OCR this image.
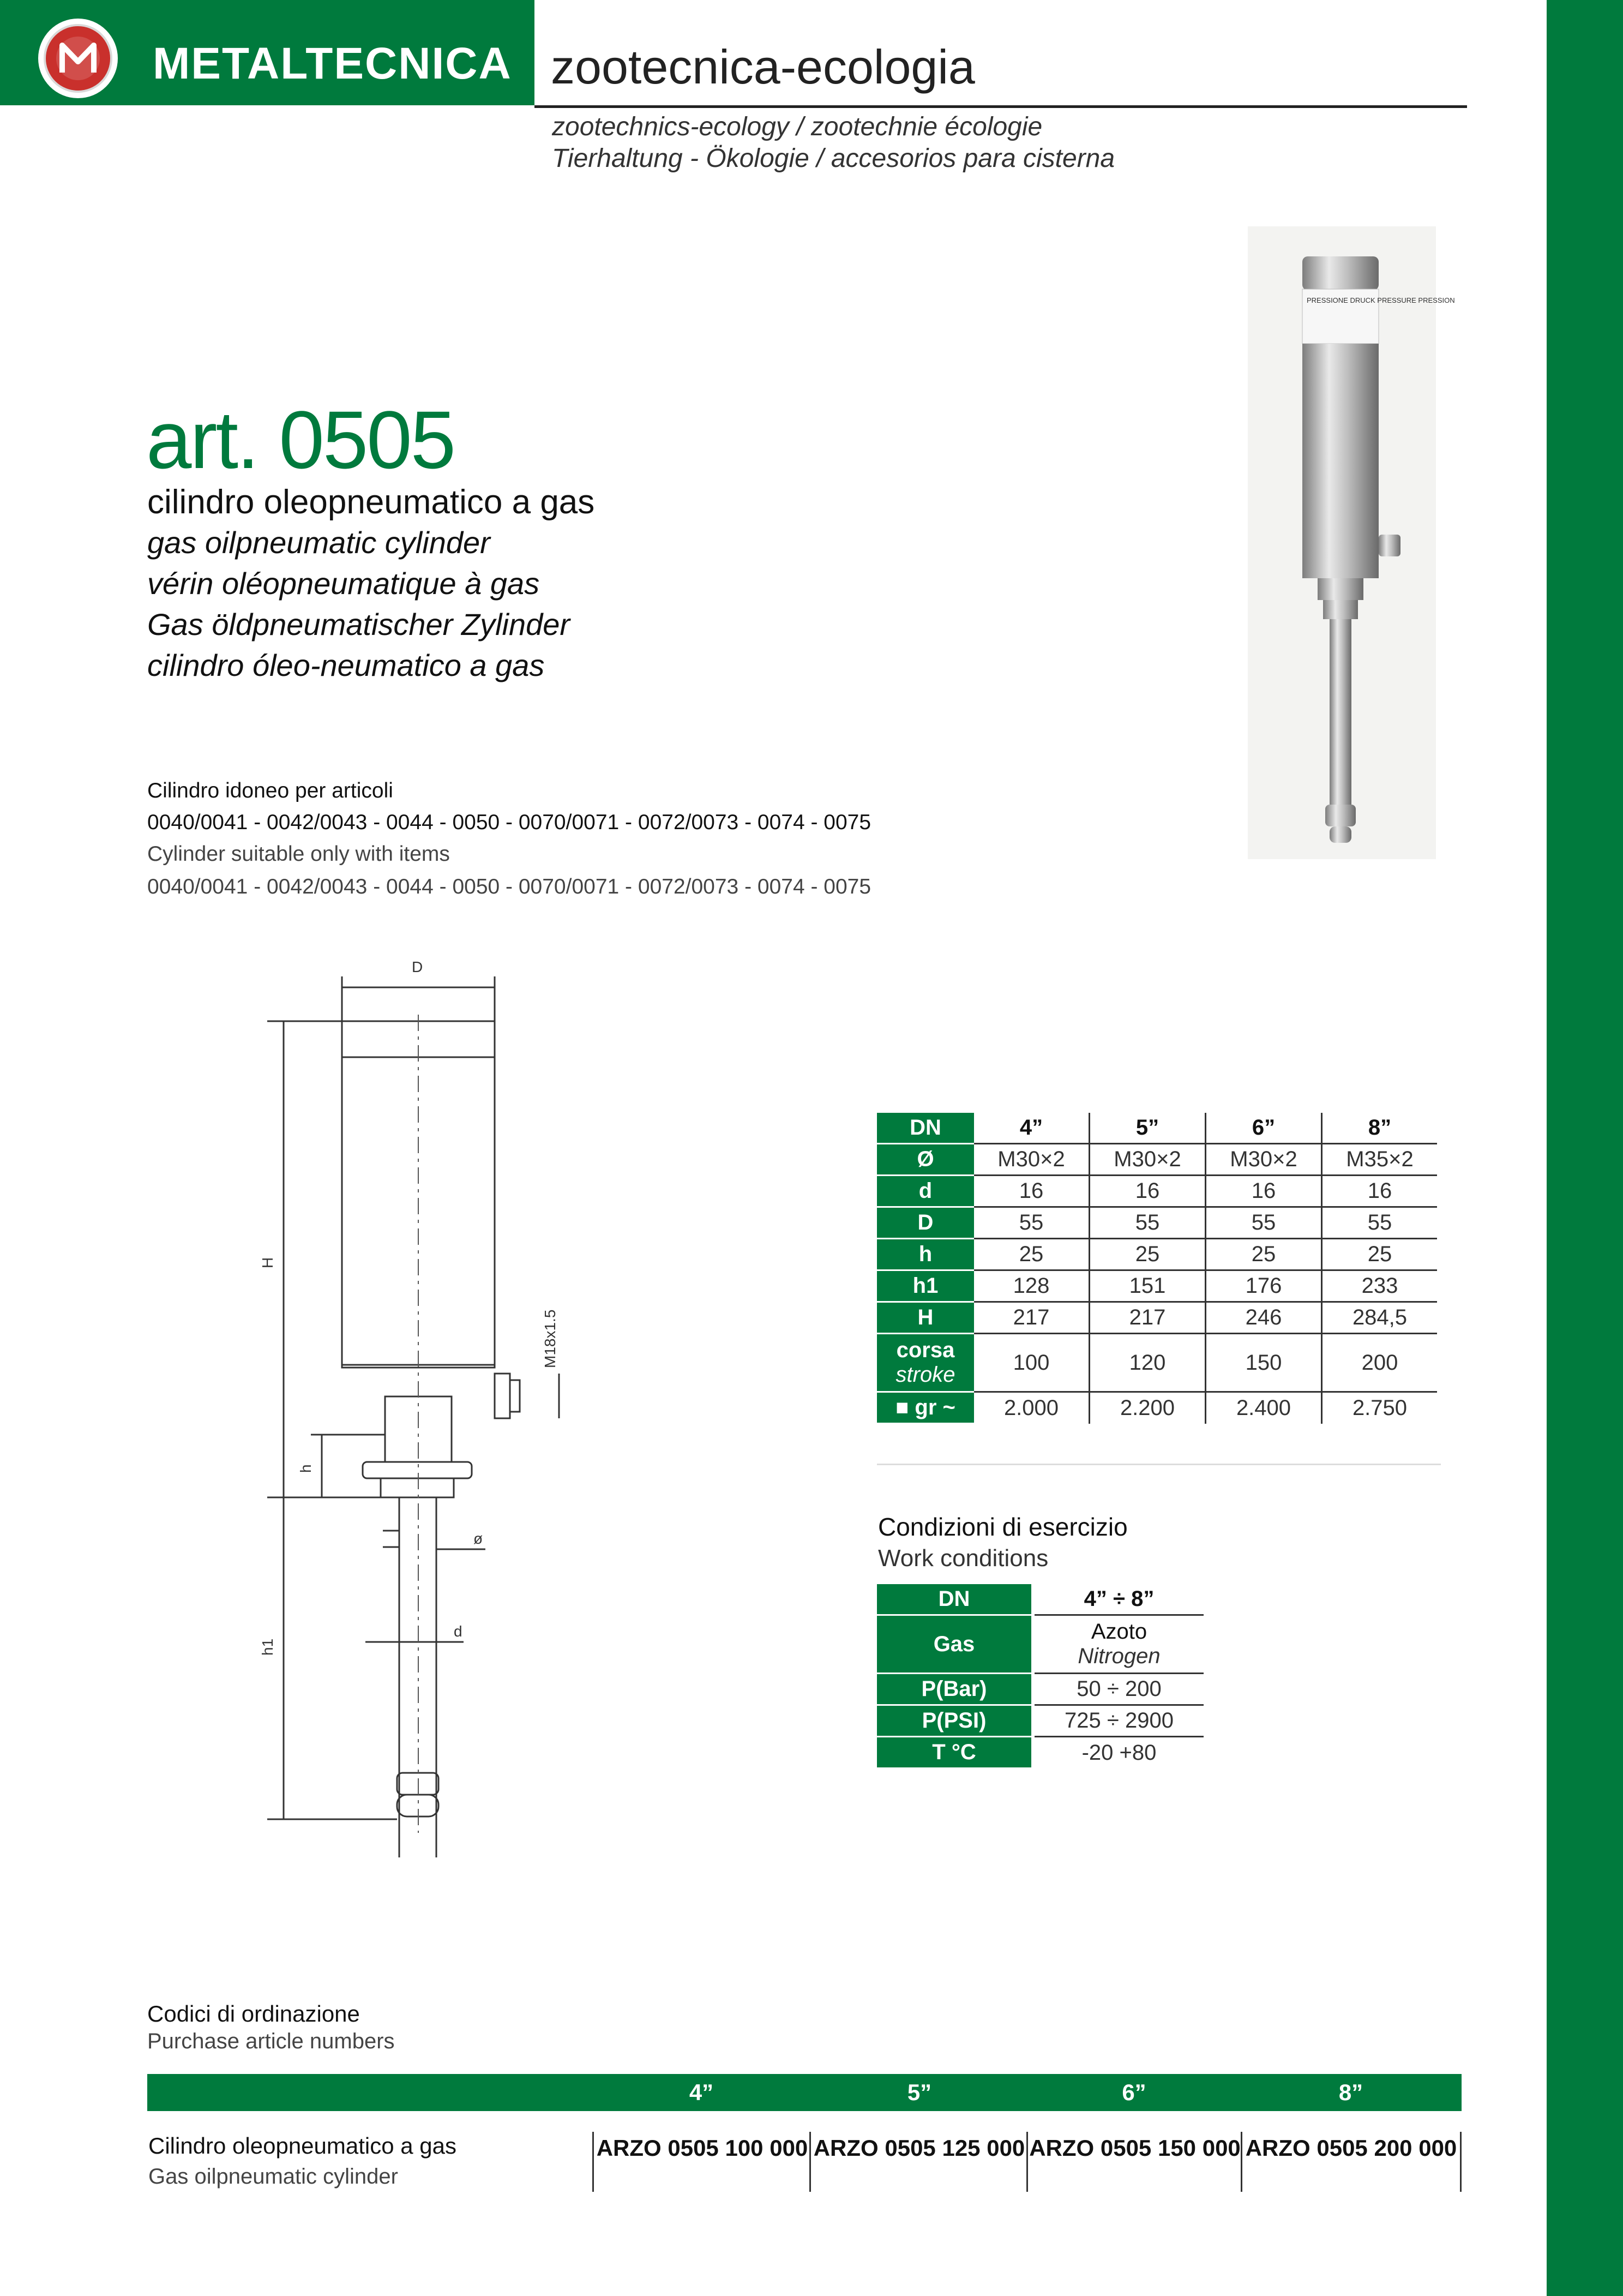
METALTECNICA zootecnica-ecologia
zootechnics-ecology / zootechnie écologie
Tierhaltung - Ökologie / accesorios para cisterna
art. 0505
cilindro oleopneumatico a gas
gas oilpneumatic cylinder
vérin oléopneumatique à gas
Gas öldpneumatischer Zylinder
cilindro óleo-neumatico a gas
Cilindro idoneo per articoli
0040/0041 - 0042/0043 - 0044 - 0050 - 0070/0071 - 0072/0073 - 0074 - 0075
Cylinder suitable only with items
0040/0041 - 0042/0043 - 0044 - 0050 - 0070/0071 - 0072/0073 - 0074 - 0075
PRESSIONE DRUCK PRESSURE PRESSION
D
H
h
h1
ø
d
M18x1.5
DN	4”	5”	6”	8”
Ø	M30×2	M30×2	M30×2	M35×2
d	16	16	16	16
D	55	55	55	55
h	25	25	25	25
h1	128	151	176	233
H	217	217	246	284,5
corsa
stroke	100	120	150	200
■ gr ~	2.000	2.200	2.400	2.750
Condizioni di esercizio
Work conditions
DN	4” ÷ 8”
Gas	Azoto
Nitrogen
P(Bar)	50 ÷ 200
P(PSI)	725 ÷ 2900
T °C	-20 +80
Codici di ordinazione
Purchase article numbers
4”	5”	6”	8”
Cilindro oleopneumatico a gas
Gas oilpneumatic cylinder
ARZO 0505 100 000 ARZO 0505 125 000 ARZO 0505 150 000 ARZO 0505 200 000
